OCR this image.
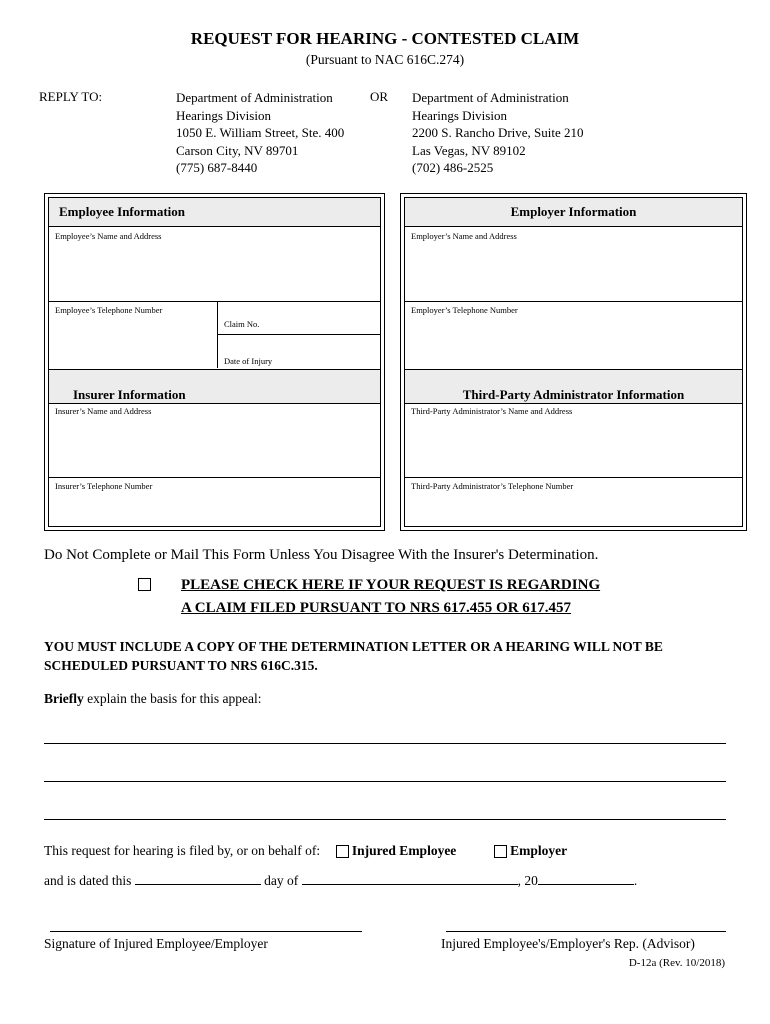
REQUEST FOR HEARING - CONTESTED CLAIM
(Pursuant to NAC 616C.274)
REPLY TO:	Department of Administration
Hearings Division
1050 E. William Street, Ste. 400
Carson City, NV 89701
(775) 687-8440
OR Department of Administration
Hearings Division
2200 S. Rancho Drive, Suite 210
Las Vegas, NV 89102
(702) 486-2525
Employee Information
Employee’s Name and Address
Employee’s Telephone Number
Claim No.
Date of Injury
Insurer Information
Insurer’s Name and Address
Insurer’s Telephone Number
Employer Information
Employer’s Name and Address
Employer’s Telephone Number
Third-Party Administrator Information
Third-Party Administrator’s Name and Address
Third-Party Administrator’s Telephone Number
Do Not Complete or Mail This Form Unless You Disagree With the Insurer's Determination.
PLEASE CHECK HERE IF YOUR REQUEST IS REGARDING
A CLAIM FILED PURSUANT TO NRS 617.455 OR 617.457
YOU MUST INCLUDE A COPY OF THE DETERMINATION LETTER OR A HEARING WILL NOT BE SCHEDULED PURSUANT TO NRS 616C.315.
Briefly explain the basis for this appeal:
This request for hearing is filed by, or on behalf of: Injured Employee	Employer
and is dated this	day of	, 20	.
Signature of Injured Employee/Employer	Injured Employee's/Employer's Rep. (Advisor)
D-12a (Rev. 10/2018)
